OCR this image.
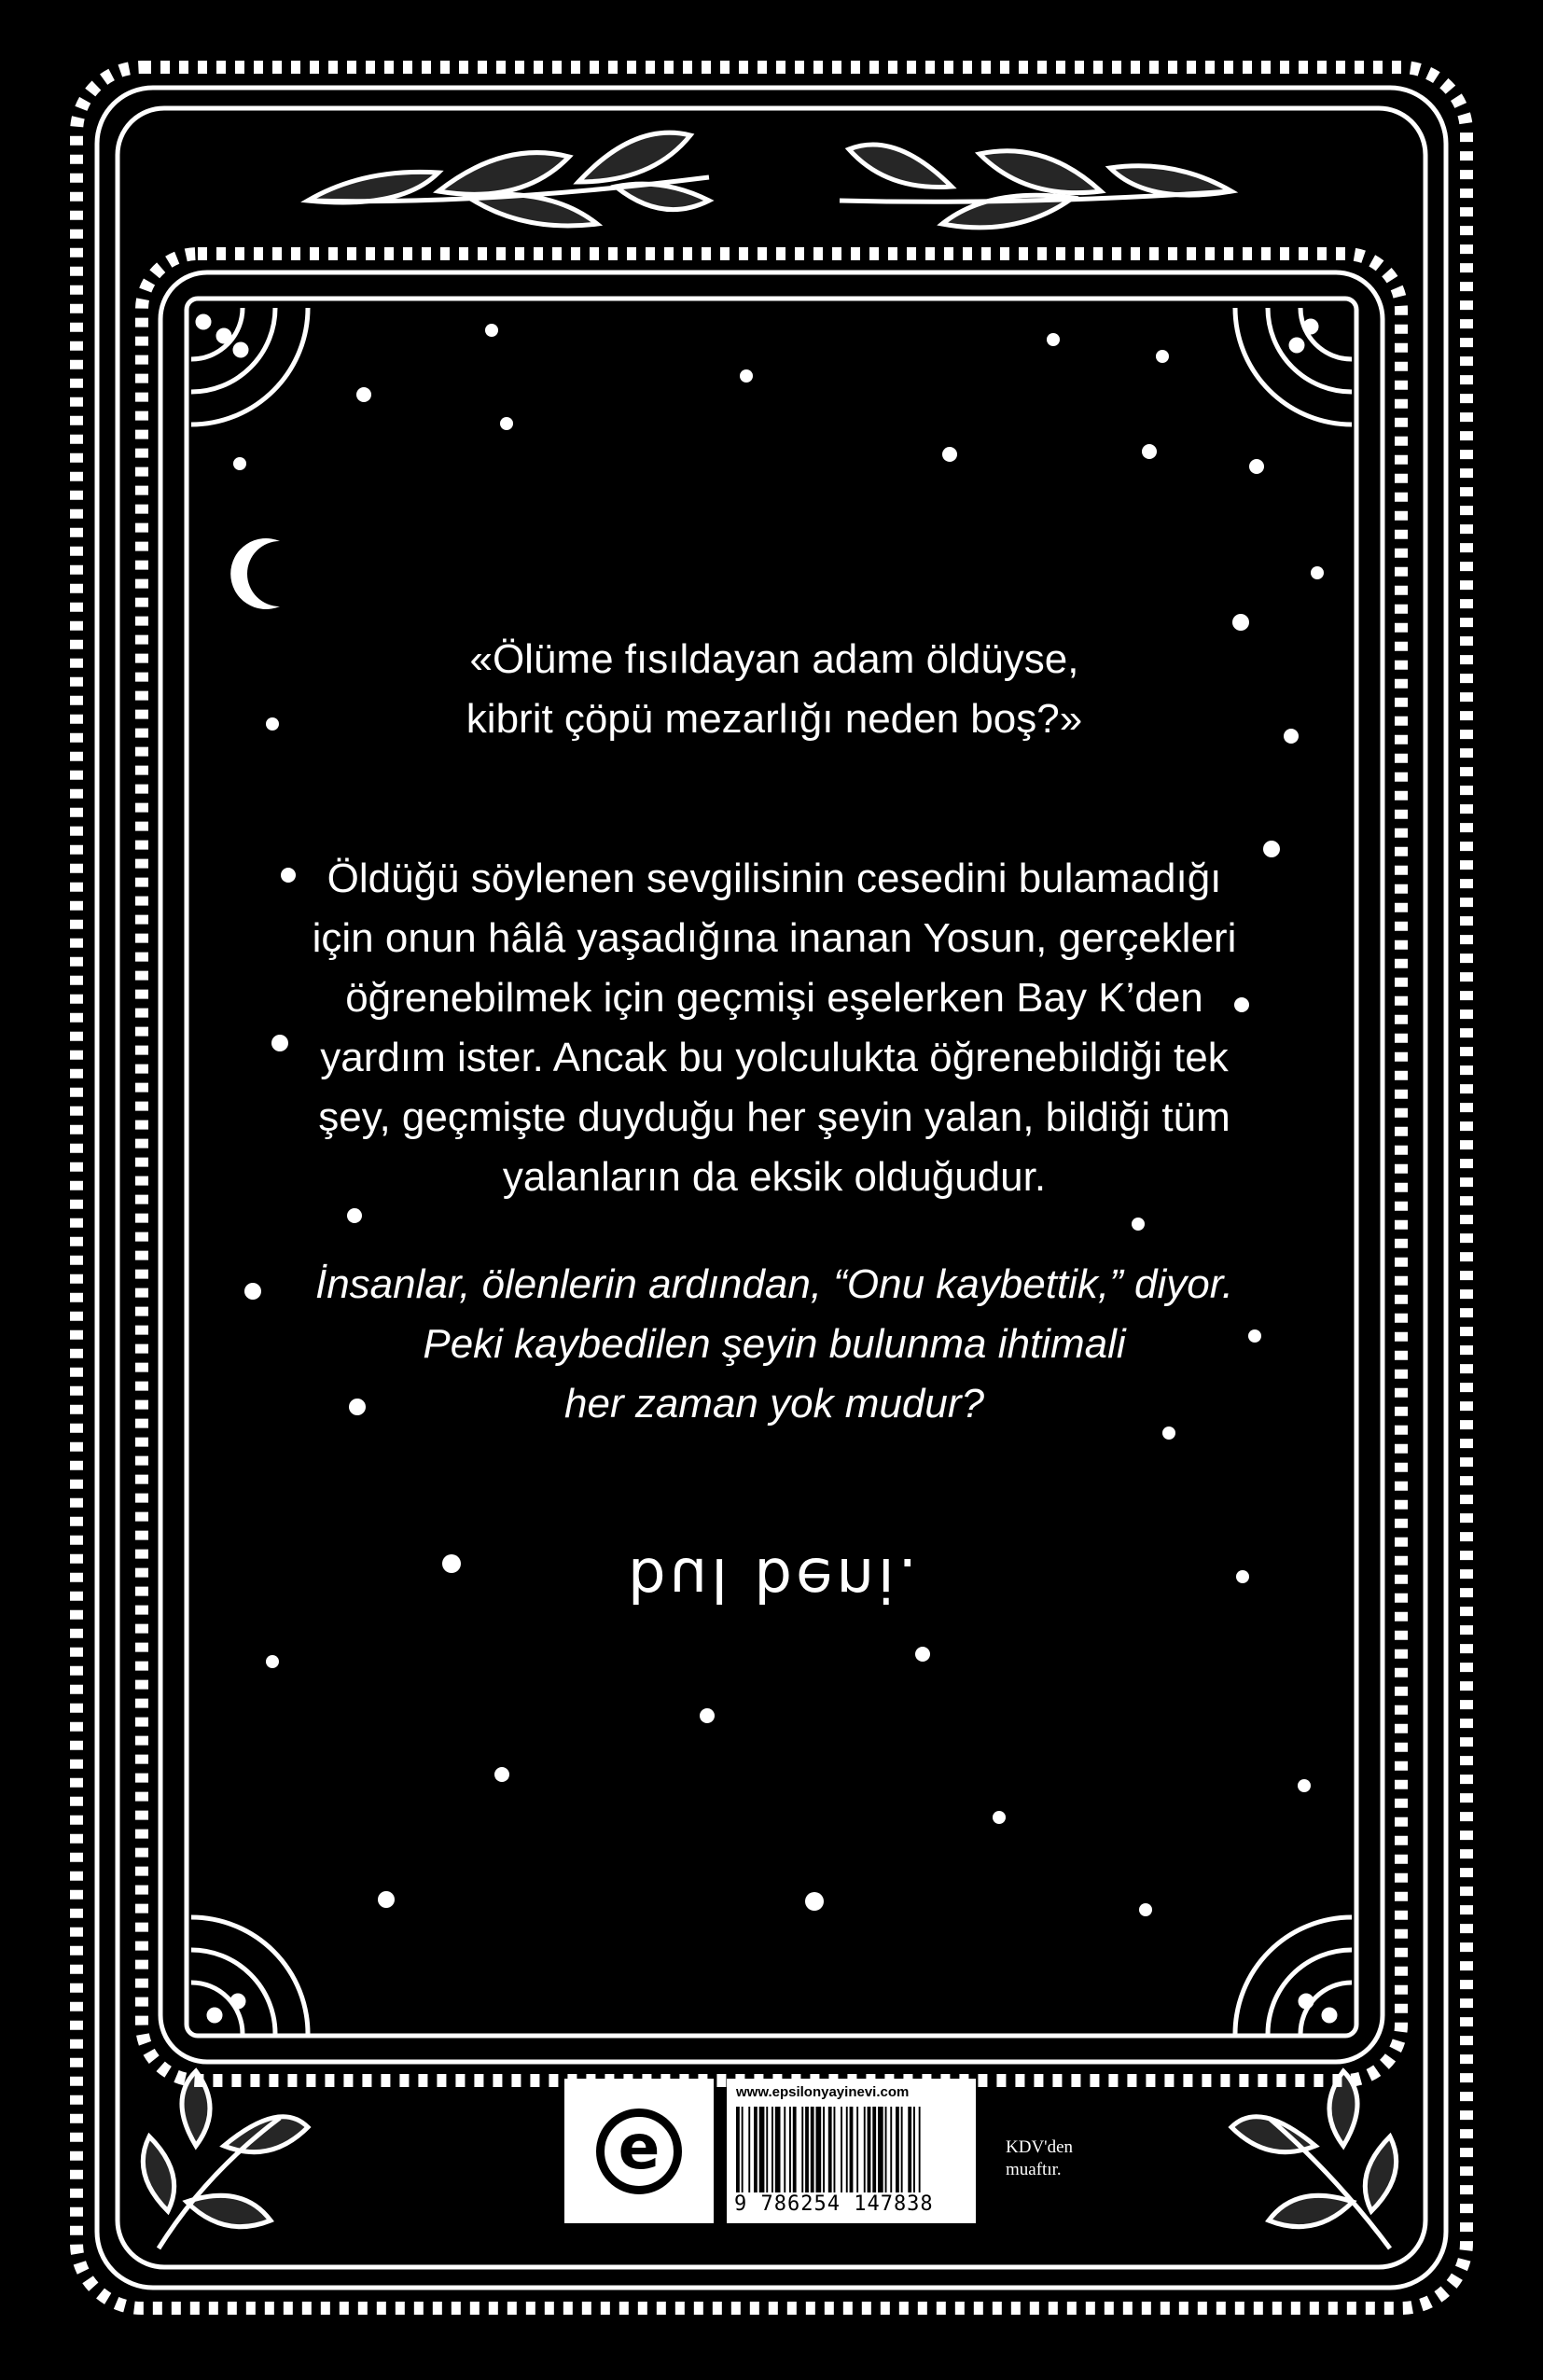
«Ölüme fısıldayan adam öldüyse,
kibrit çöpü mezarlığı neden boş?»
Öldüğü söylenen sevgilisinin cesedini bulamadığı
için onun hâlâ yaşadığına inanan Yosun, gerçekleri
öğrenebilmek için geçmişi eşelerken Bay K’den
yardım ister. Ancak bu yolculukta öğrenebildiği tek
şey, geçmişte duyduğu her şeyin yalan, bildiği tüm
yalanların da eksik olduğudur.
İnsanlar, ölenlerin ardından, “Onu kaybettik,” diyor.
Peki kaybedilen şeyin bulunma ihtimali
her zaman yok mudur?
bul beni.
e
www.epsilonyayinevi.com
9 786254 147838
KDV'den
muaftır.
